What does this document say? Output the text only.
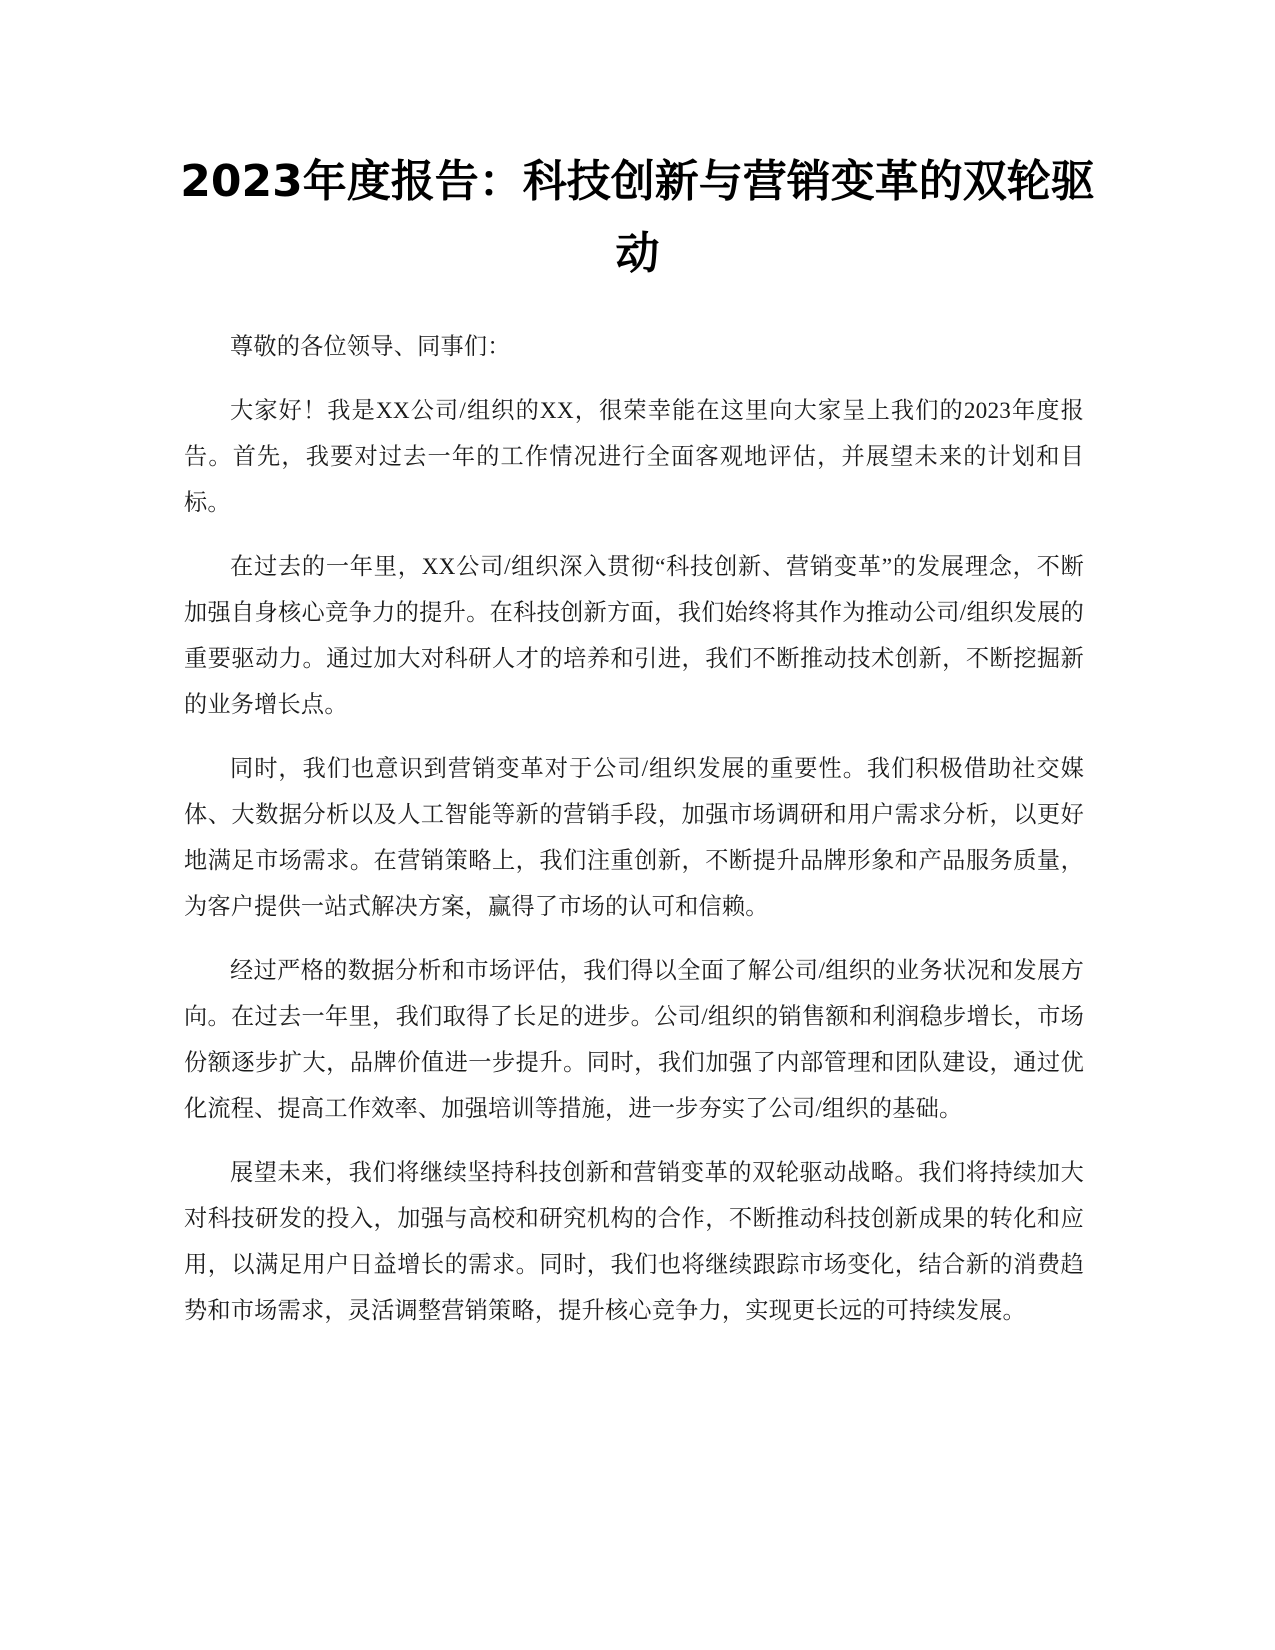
2023年度报告：科技创新与营销变革的双轮驱动

尊敬的各位领导、同事们：

大家好！我是XX公司/组织的XX，很荣幸能在这里向大家呈上我们的2023年度报告。首先，我要对过去一年的工作情况进行全面客观地评估，并展望未来的计划和目标。

在过去的一年里，XX公司/组织深入贯彻“科技创新、营销变革”的发展理念，不断加强自身核心竞争力的提升。在科技创新方面，我们始终将其作为推动公司/组织发展的重要驱动力。通过加大对科研人才的培养和引进，我们不断推动技术创新，不断挖掘新的业务增长点。

同时，我们也意识到营销变革对于公司/组织发展的重要性。我们积极借助社交媒体、大数据分析以及人工智能等新的营销手段，加强市场调研和用户需求分析，以更好地满足市场需求。在营销策略上，我们注重创新，不断提升品牌形象和产品服务质量，为客户提供一站式解决方案，赢得了市场的认可和信赖。

经过严格的数据分析和市场评估，我们得以全面了解公司/组织的业务状况和发展方向。在过去一年里，我们取得了长足的进步。公司/组织的销售额和利润稳步增长，市场份额逐步扩大，品牌价值进一步提升。同时，我们加强了内部管理和团队建设，通过优化流程、提高工作效率、加强培训等措施，进一步夯实了公司/组织的基础。

展望未来，我们将继续坚持科技创新和营销变革的双轮驱动战略。我们将持续加大对科技研发的投入，加强与高校和研究机构的合作，不断推动科技创新成果的转化和应用，以满足用户日益增长的需求。同时，我们也将继续跟踪市场变化，结合新的消费趋势和市场需求，灵活调整营销策略，提升核心竞争力，实现更长远的可持续发展。
